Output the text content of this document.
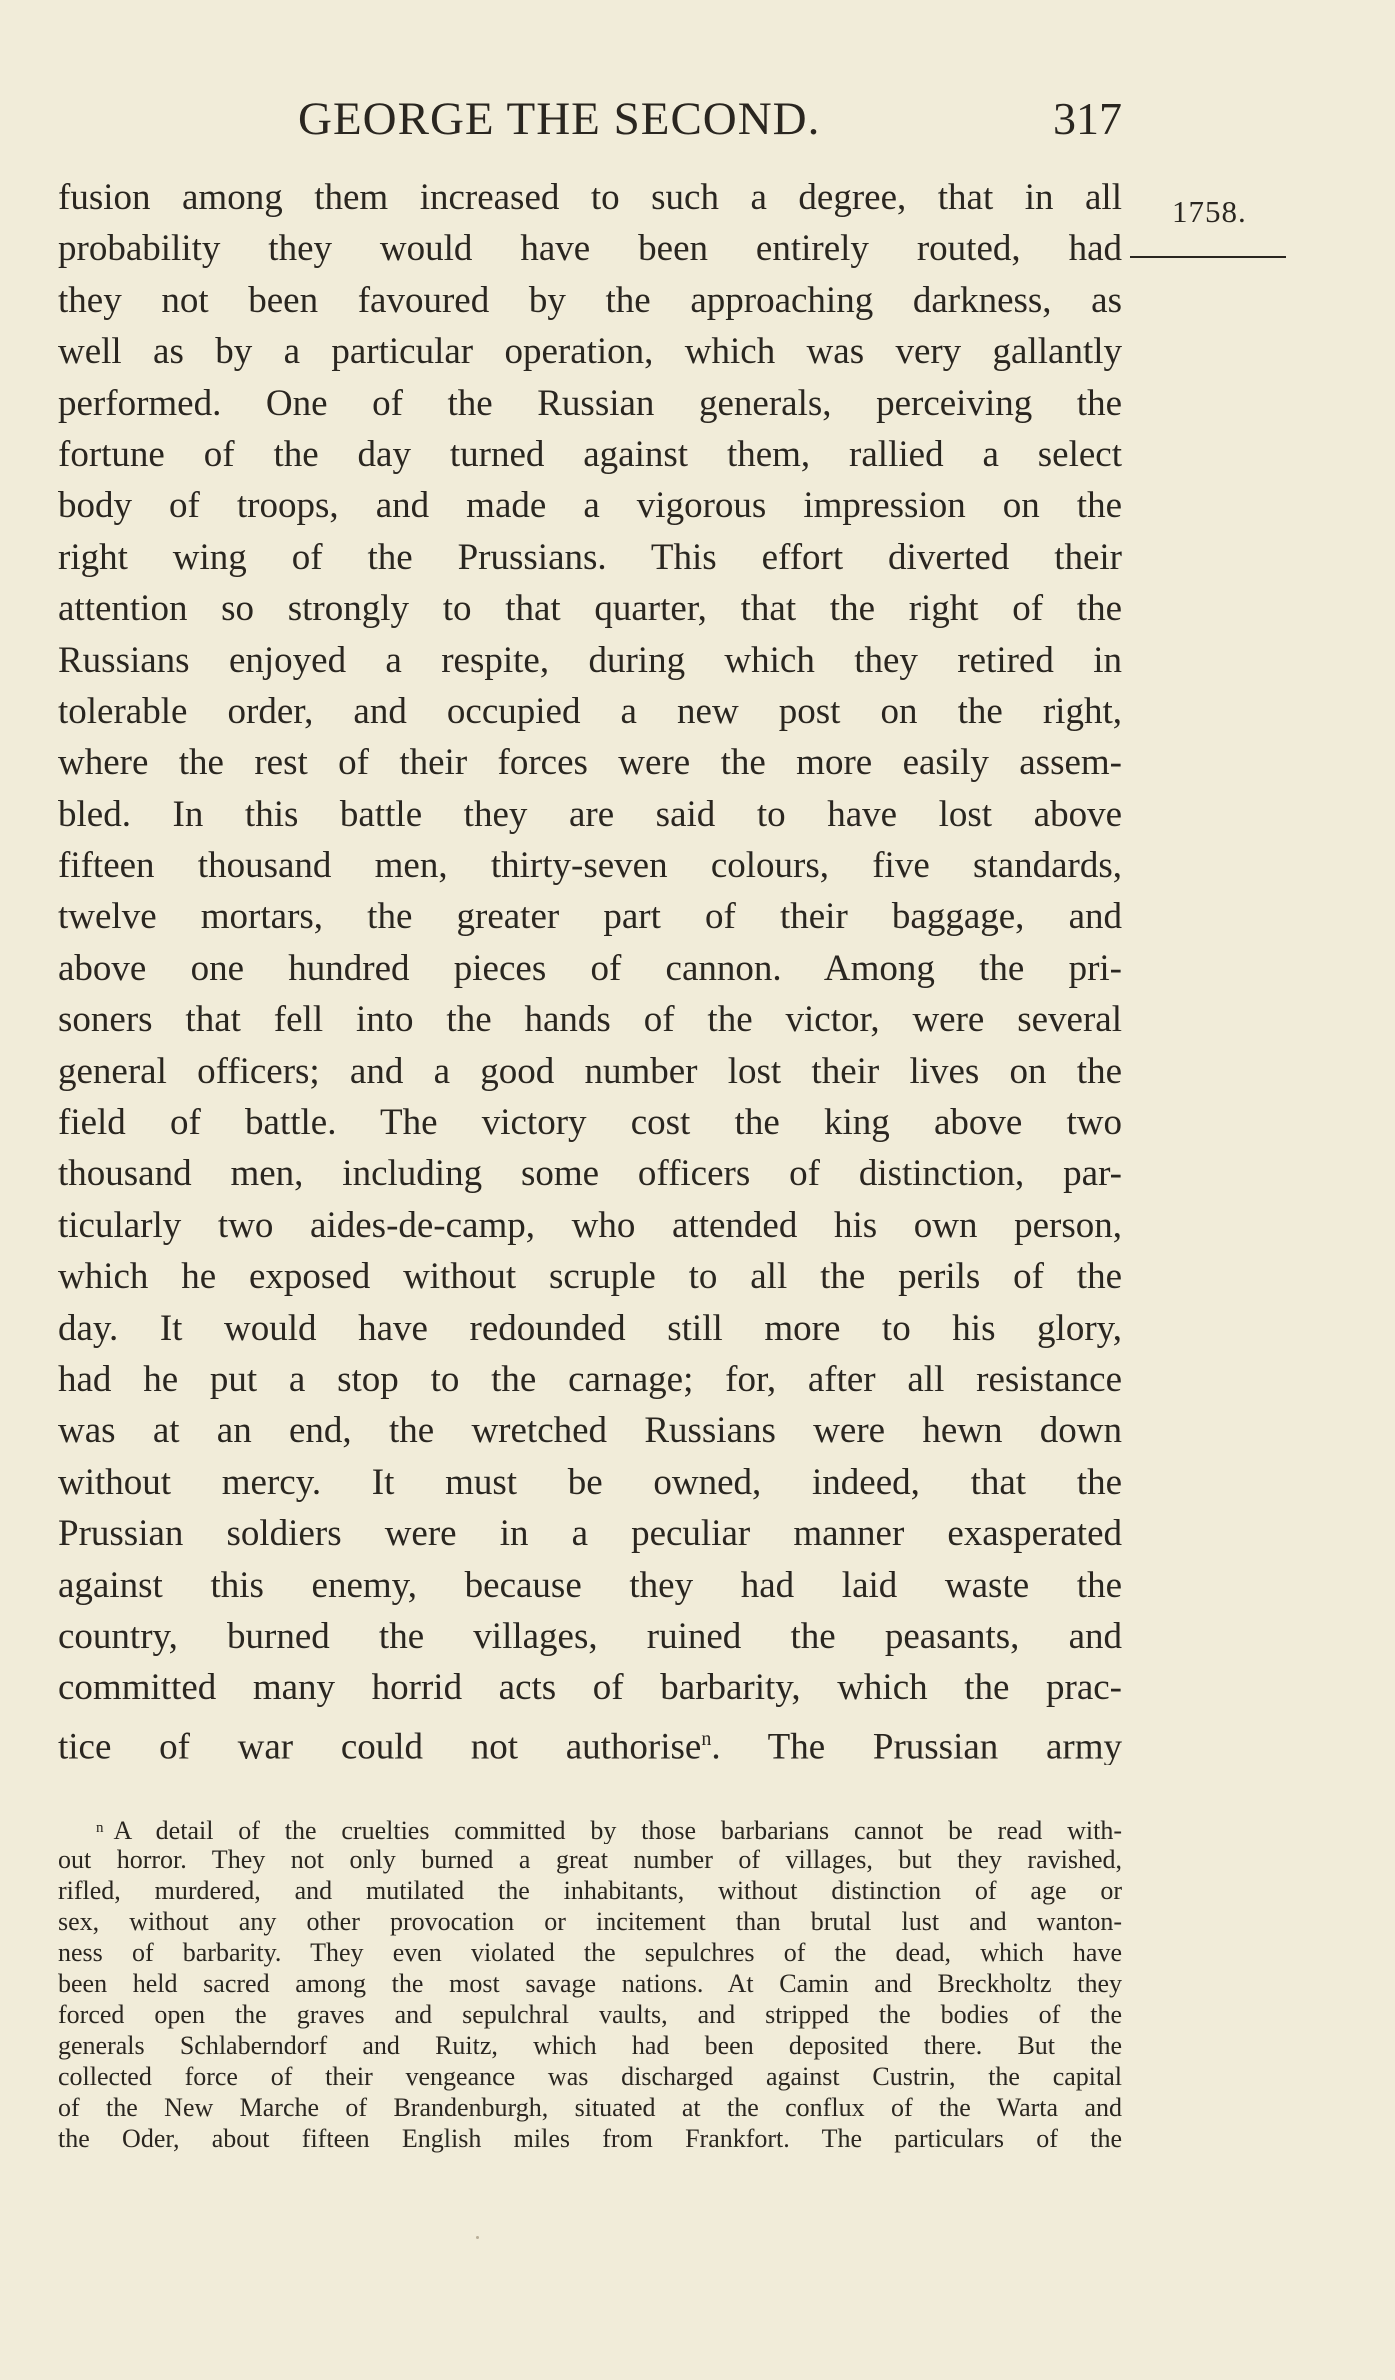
GEORGE THE SECOND.	317
1758.
fusion among them increased to such a degree, that in all
probability they would have been entirely routed, had
they not been favoured by the approaching darkness, as
well as by a particular operation, which was very gallantly
performed. One of the Russian generals, perceiving the
fortune of the day turned against them, rallied a select
body of troops, and made a vigorous impression on the
right wing of the Prussians. This effort diverted their
attention so strongly to that quarter, that the right of the
Russians enjoyed a respite, during which they retired in
tolerable order, and occupied a new post on the right,
where the rest of their forces were the more easily assem-
bled. In this battle they are said to have lost above
fifteen thousand men, thirty-seven colours, five standards,
twelve mortars, the greater part of their baggage, and
above one hundred pieces of cannon. Among the pri-
soners that fell into the hands of the victor, were several
general officers; and a good number lost their lives on the
field of battle. The victory cost the king above two
thousand men, including some officers of distinction, par-
ticularly two aides-de-camp, who attended his own person,
which he exposed without scruple to all the perils of the
day. It would have redounded still more to his glory,
had he put a stop to the carnage; for, after all resistance
was at an end, the wretched Russians were hewn down
without mercy. It must be owned, indeed, that the
Prussian soldiers were in a peculiar manner exasperated
against this enemy, because they had laid waste the
country, burned the villages, ruined the peasants, and
committed many horrid acts of barbarity, which the prac-
tice of war could not authorise$^n$. The Prussian army
$^n$ A detail of the cruelties committed by those barbarians cannot be read with-
out horror. They not only burned a great number of villages, but they ravished,
rifled, murdered, and mutilated the inhabitants, without distinction of age or
sex, without any other provocation or incitement than brutal lust and wanton-
ness of barbarity. They even violated the sepulchres of the dead, which have
been held sacred among the most savage nations. At Camin and Breckholtz they
forced open the graves and sepulchral vaults, and stripped the bodies of the
generals Schlaberndorf and Ruitz, which had been deposited there. But the
collected force of their vengeance was discharged against Custrin, the capital
of the New Marche of Brandenburgh, situated at the conflux of the Warta and
the Oder, about fifteen English miles from Frankfort. The particulars of the
